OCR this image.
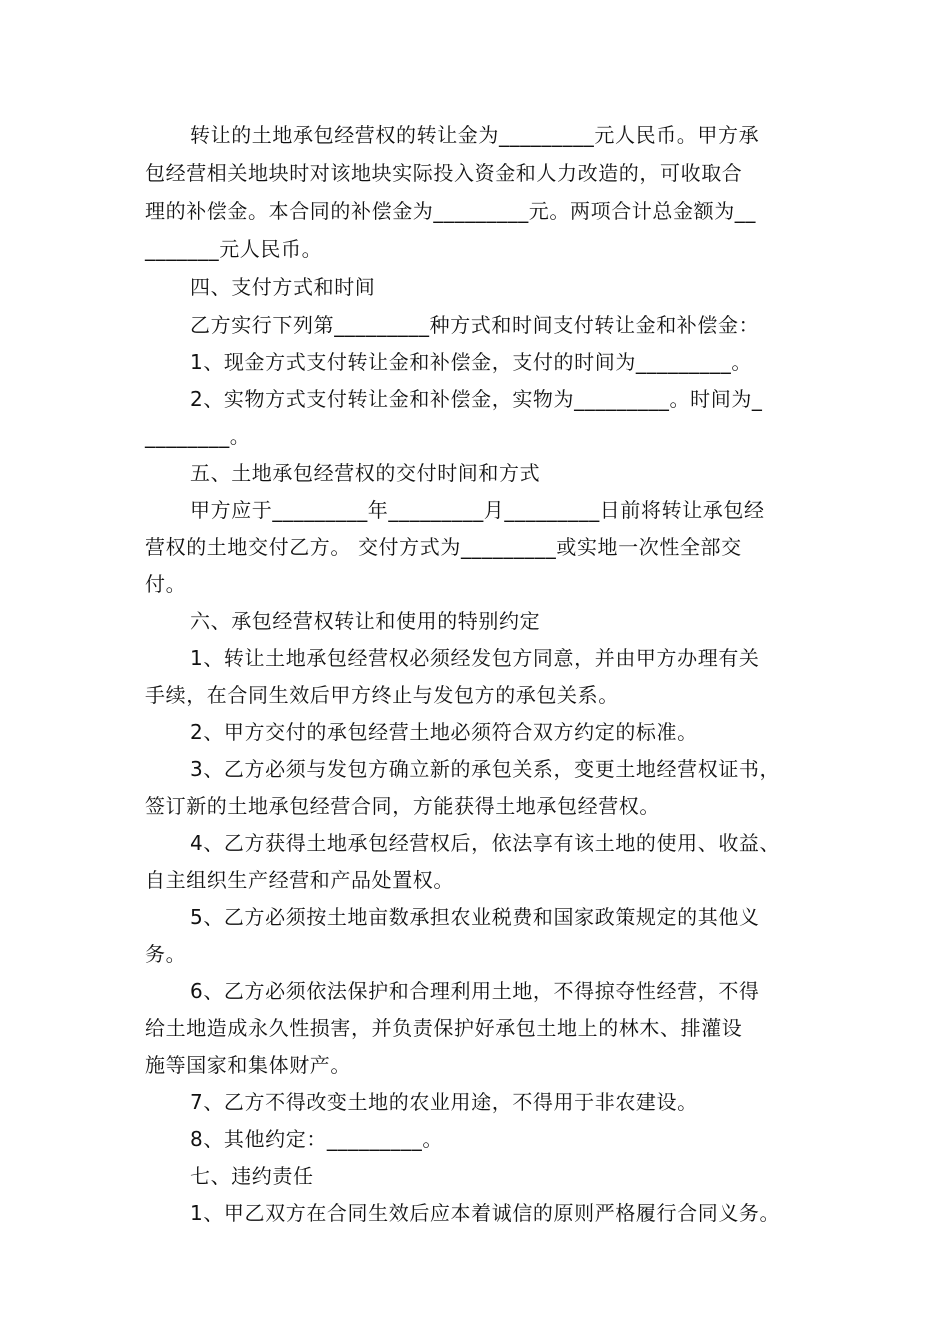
转让的土地承包经营权的转让金为_________元人民币。甲方承
包经营相关地块时对该地块实际投入资金和人力改造的，可收取合
理的补偿金。本合同的补偿金为_________元。两项合计总金额为__
_______元人民币。
四、支付方式和时间
乙方实行下列第_________种方式和时间支付转让金和补偿金：
1、现金方式支付转让金和补偿金，支付的时间为_________。
2、实物方式支付转让金和补偿金，实物为_________。时间为_
________。
五、土地承包经营权的交付时间和方式
甲方应于_________年_________月_________日前将转让承包经
营权的土地交付乙方。 交付方式为_________或实地一次性全部交
付。
六、承包经营权转让和使用的特别约定
1、转让土地承包经营权必须经发包方同意，并由甲方办理有关
手续，在合同生效后甲方终止与发包方的承包关系。
2、甲方交付的承包经营土地必须符合双方约定的标准。
3、乙方必须与发包方确立新的承包关系，变更土地经营权证书，
签订新的土地承包经营合同，方能获得土地承包经营权。
4、乙方获得土地承包经营权后，依法享有该土地的使用、收益、
自主组织生产经营和产品处置权。
5、乙方必须按土地亩数承担农业税费和国家政策规定的其他义
务。
6、乙方必须依法保护和合理利用土地，不得掠夺性经营，不得
给土地造成永久性损害，并负责保护好承包土地上的林木、排灌设
施等国家和集体财产。
7、乙方不得改变土地的农业用途，不得用于非农建设。
8、其他约定：_________。
七、违约责任
1、甲乙双方在合同生效后应本着诚信的原则严格履行合同义务。
